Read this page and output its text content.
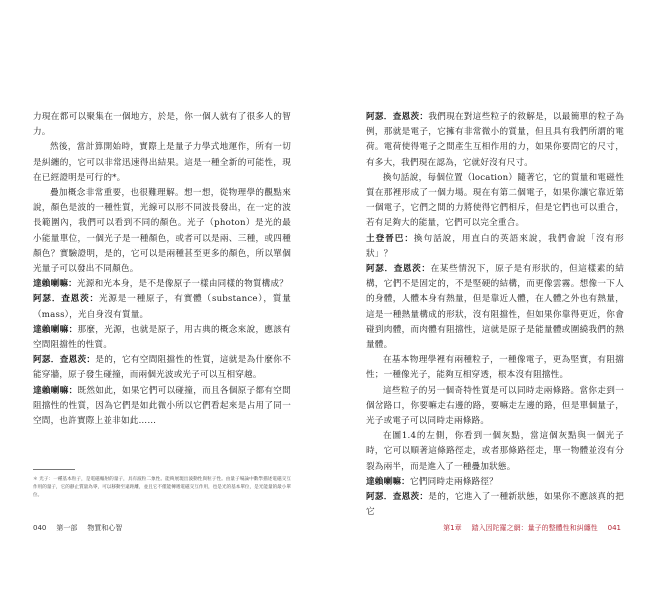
力現在都可以聚集在一個地方，於是，你一個人就有了很多人的智力。

然後，當計算開始時，實際上是量子力學式地運作，所有一切是糾纏的，它可以非常迅速得出結果。這是一種全新的可能性，現在已經證明是可行的*。

疊加概念非常重要，也很難理解。想一想，從物理學的觀點來說，顏色是波的一種性質，光線可以形不同波長發出，在一定的波長範圍內，我們可以看到不同的顏色。光子（photon）是光的最小能量單位，一個光子是一種顏色，或者可以是兩、三種，或四種顏色？實驗證明，是的，它可以是兩種甚至更多的顏色，所以單個光量子可以發出不同顏色。

達賴喇嘛：光源和光本身，是不是像原子一樣由同樣的物質構成？

阿瑟．查恩茨：光源是一種原子，有實體（substance），質量（mass），光自身沒有質量。

達賴喇嘛：那麼，光源，也就是原子，用古典的概念來說，應該有空間阻擋性的性質。

阿瑟．查恩茨：是的，它有空間阻擋性的性質，這就是為什麼你不能穿牆，原子發生碰撞，而兩個光波或光子可以互相穿越。

達賴喇嘛：既然如此，如果它們可以碰撞，而且各個原子都有空間阻擋性的性質，因為它們是如此微小所以它們看起來是占用了同一空間，也許實際上並非如此……

＊ 光子：一種基本粒子，是電磁輻射的量子，具有波粒二象性。能夠展現出波動性與粒子性。由量子場論中數學描述電磁交互作用的量子，它的靜止質量為零，可以移動至遠距離，並且它不僅能傳遞電磁交互作用，也是光的基本單位，是光能量的最小單位。
040 第一部 物質和心智

阿瑟．查恩茨：我們現在對這些粒子的敘解是，以最簡單的粒子為例，那就是電子，它擁有非常微小的質量，但且具有我們所謂的電荷。電荷使得電子之間產生互相作用的力，如果你要問它的尺寸，有多大，我們現在認為，它就好沒有尺寸。

換句話說，每個位置（location）隨著它，它的質量和電磁性質在那裡形成了一個力場。現在有第二個電子，如果你讓它靠近第一個電子，它們之間的力將使得它們相斥，但是它們也可以重合，若有足夠大的能量，它們可以完全重合。

土登晉巴：換句話說，用直白的英語來說，我們會說「沒有形狀」？

阿瑟．查恩茨：在某些情況下，原子是有形狀的，但這樣素的結構，它們不是固定的，不是堅硬的結構，而更像雲霧。想像一下人的身體，人體本身有熱量，但是靠近人體，在人體之外也有熱量，這是一種熱量構成的形狀，沒有阻擋性，但如果你靠得更近，你會碰到肉體，而肉體有阻擋性，這就是原子是能量體或圍繞我們的熱量體。

在基本物理學裡有兩種粒子，一種像電子，更為堅實，有阻擋性；一種像光子，能夠互相穿透，根本沒有阻擋性。

這些粒子的另一個奇特性質是可以同時走兩條路。當你走到一個岔路口，你要嘛走右邊的路，要嘛走左邊的路，但是單個量子，光子或電子可以同時走兩條路。

在圖1.4的左側，你看到一個灰點，當這個灰點與一個光子時，它可以順著這條路徑走，或者那條路徑走，單一物體並沒有分裂為兩半，而是進入了一種疊加狀態。

達賴喇嘛：它們同時走兩條路徑？

阿瑟．查恩茨：是的，它進入了一種新狀態，如果你不應該真的把它

第1章 踏入因陀羅之網：量子的整體性和糾纏性 041
